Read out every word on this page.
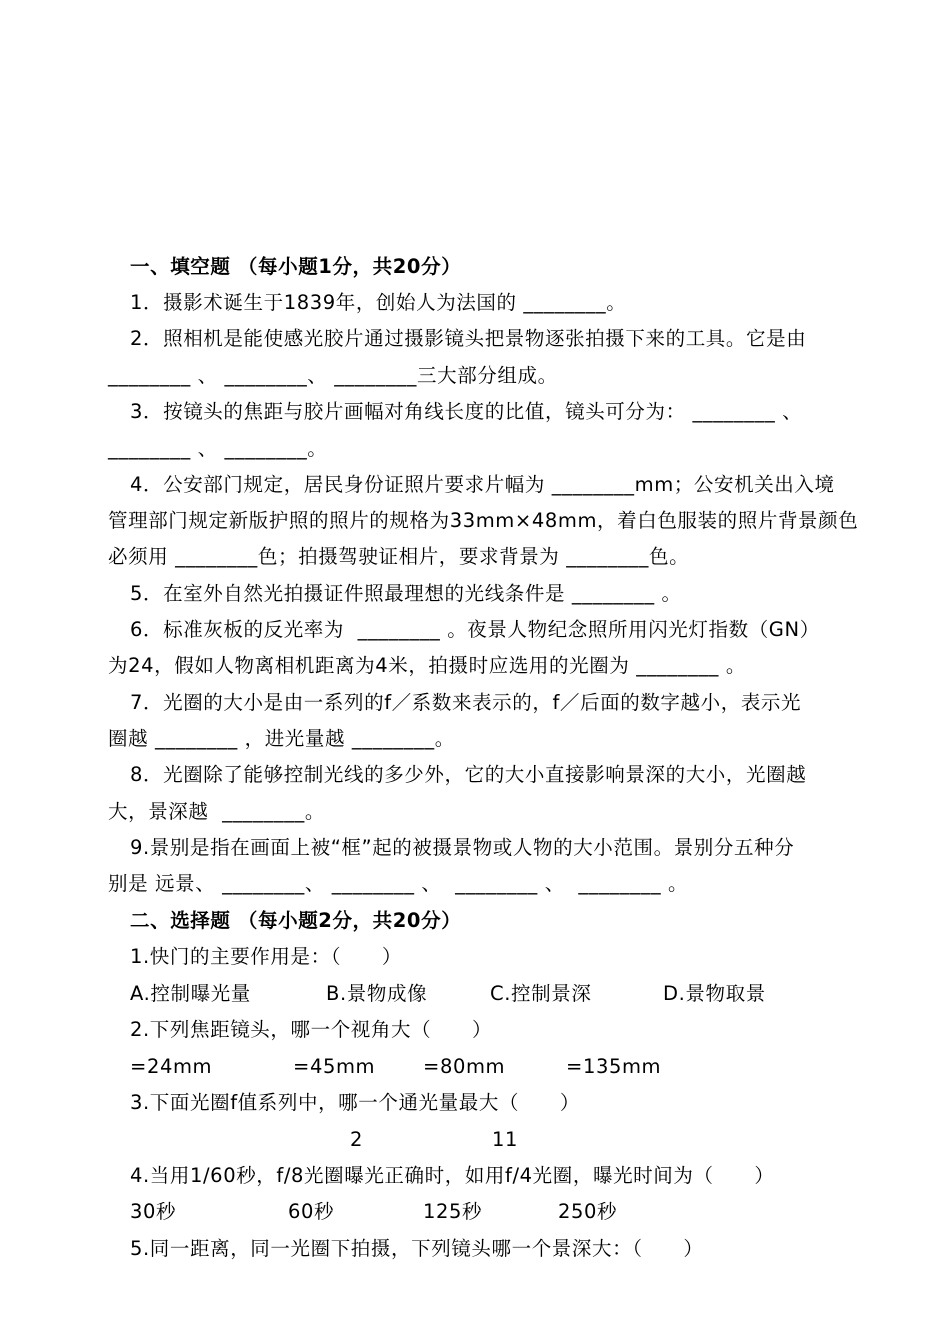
一、填空题 （每小题1分，共20分）
1．摄影术诞生于1839年，创始人为法国的 ________。
2．照相机是能使感光胶片通过摄影镜头把景物逐张拍摄下来的工具。它是由
________ 、 ________、 ________三大部分组成。
3．按镜头的焦距与胶片画幅对角线长度的比值，镜头可分为： ________ 、
________ 、 ________。
4．公安部门规定，居民身份证照片要求片幅为 ________mm；公安机关出入境
管理部门规定新版护照的照片的规格为33mm×48mm，着白色服装的照片背景颜色
必须用 ________色；拍摄驾驶证相片，要求背景为 ________色。
5．在室外自然光拍摄证件照最理想的光线条件是 ________ 。
6．标准灰板的反光率为  ________ 。夜景人物纪念照所用闪光灯指数（GN）
为24，假如人物离相机距离为4米，拍摄时应选用的光圈为 ________ 。
7．光圈的大小是由一系列的f／系数来表示的，f／后面的数字越小，表示光
圈越 ________ ，进光量越 ________。
8．光圈除了能够控制光线的多少外，它的大小直接影响景深的大小，光圈越
大，景深越  ________。
9.景别是指在画面上被“框”起的被摄景物或人物的大小范围。景别分五种分
别是 远景、 ________、 ________ 、  ________ 、  ________ 。
二、选择题 （每小题2分，共20分）
1.快门的主要作用是：（      ）
A.控制曝光量	B.景物成像	C.控制景深	D.景物取景
2.下列焦距镜头，哪一个视角大（      ）
=24mm	=45mm =80mm	=135mm
3.下面光圈f值系列中，哪一个通光量最大（      ）
2	11
4.当用1/60秒，f/8光圈曝光正确时，如用f/4光圈，曝光时间为（      ）
30秒	60秒	125秒	250秒
5.同一距离，同一光圈下拍摄，下列镜头哪一个景深大：（      ）
